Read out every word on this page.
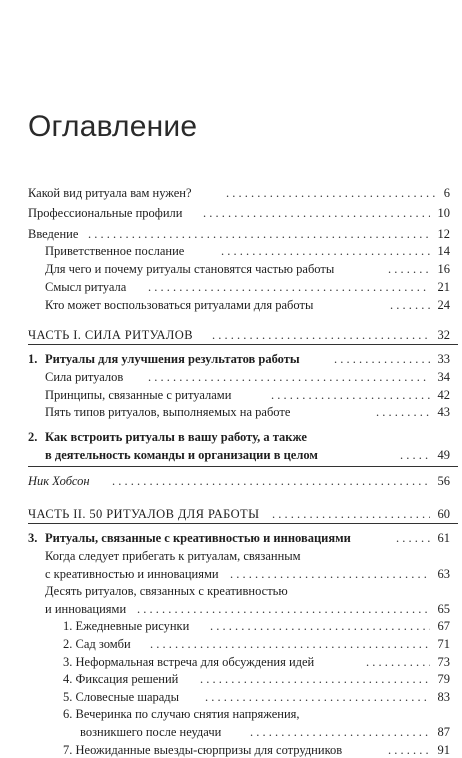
Оглавление
Какой вид ритуала вам нужен? . . .	6
Профессиональные профили . . .	10
Введение . . .	12
Приветственное послание . . .	14
Для чего и почему ритуалы становятся частью работы . . .	16
Смысл ритуала . . .	21
Кто может воспользоваться ритуалами для работы . . .	24
ЧАСТЬ I. СИЛА РИТУАЛОВ . . .	32
1. Ритуалы для улучшения результатов работы . . .	33
Сила ритуалов . . .	34
Принципы, связанные с ритуалами . . .	42
Пять типов ритуалов, выполняемых на работе . . .	43
2. Как встроить ритуалы в вашу работу, а также
в деятельность команды и организации в целом . . .	49
Ник Хобсон . . .	56
ЧАСТЬ II. 50 РИТУАЛОВ ДЛЯ РАБОТЫ . . .	60
3. Ритуалы, связанные с креативностью и инновациями . . .	61
Когда следует прибегать к ритуалам, связанным
с креативностью и инновациями . . .	63
Десять ритуалов, связанных с креативностью
и инновациями . . .	65
1. Ежедневные рисунки . . .	67
2. Сад зомби . . .	71
3. Неформальная встреча для обсуждения идей . . .	73
4. Фиксация решений . . .	79
5. Словесные шарады . . .	83
6. Вечеринка по случаю снятия напряжения,
возникшего после неудачи . . .	87
7. Неожиданные выезды-сюрпризы для сотрудников . . .	91
